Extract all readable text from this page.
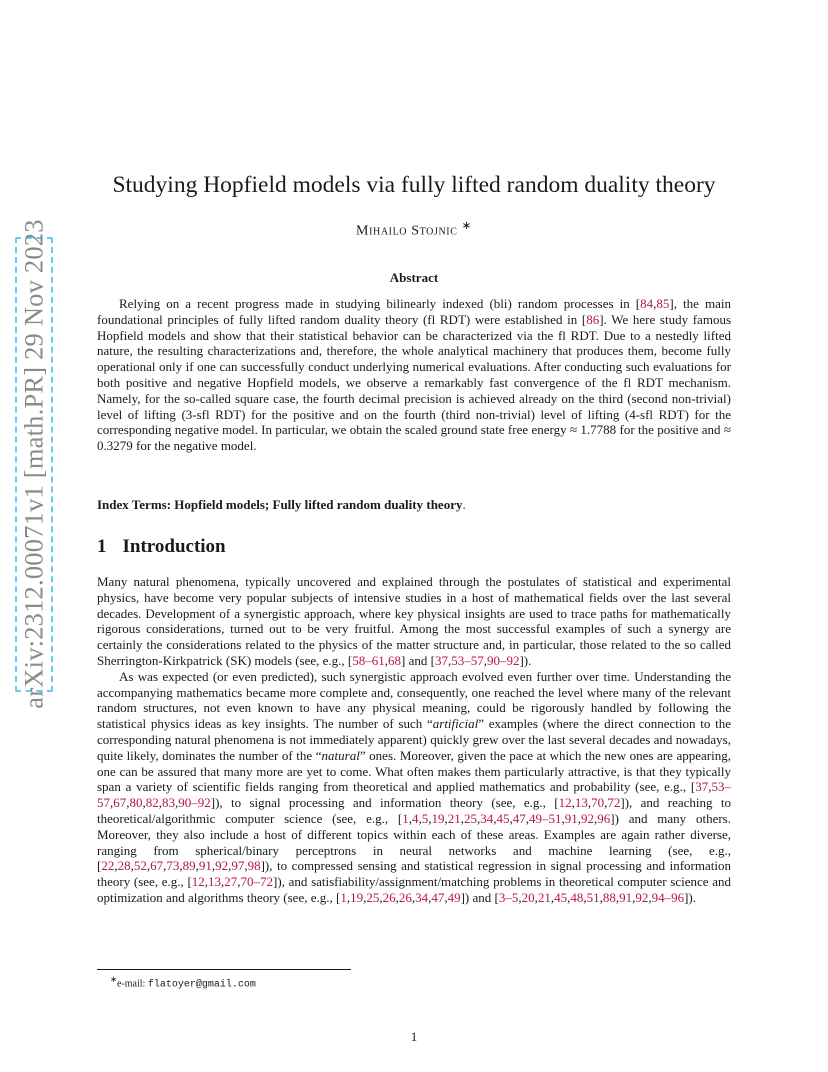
arXiv:2312.00071v1 [math.PR] 29 Nov 2023
Studying Hopfield models via fully lifted random duality theory
Mihailo Stojnic ∗
Abstract
Relying on a recent progress made in studying bilinearly indexed (bli) random processes in [84,85], the main foundational principles of fully lifted random duality theory (fl RDT) were established in [86]. We here study famous Hopfield models and show that their statistical behavior can be characterized via the fl RDT. Due to a nestedly lifted nature, the resulting characterizations and, therefore, the whole analytical machinery that produces them, become fully operational only if one can successfully conduct underlying numerical evaluations. After conducting such evaluations for both positive and negative Hopfield models, we observe a remarkably fast convergence of the fl RDT mechanism. Namely, for the so-called square case, the fourth decimal precision is achieved already on the third (second non-trivial) level of lifting (3-sfl RDT) for the positive and on the fourth (third non-trivial) level of lifting (4-sfl RDT) for the corresponding negative model. In particular, we obtain the scaled ground state free energy ≈ 1.7788 for the positive and ≈ 0.3279 for the negative model.
Index Terms: Hopfield models; Fully lifted random duality theory.
1 Introduction

Many natural phenomena, typically uncovered and explained through the postulates of statistical and experimental physics, have become very popular subjects of intensive studies in a host of mathematical fields over the last several decades. Development of a synergistic approach, where key physical insights are used to trace paths for mathematically rigorous considerations, turned out to be very fruitful. Among the most successful examples of such a synergy are certainly the considerations related to the physics of the matter structure and, in particular, those related to the so called Sherrington-Kirkpatrick (SK) models (see, e.g., [58–61,68] and [37,53–57,90–92]).

As was expected (or even predicted), such synergistic approach evolved even further over time. Understanding the accompanying mathematics became more complete and, consequently, one reached the level where many of the relevant random structures, not even known to have any physical meaning, could be rigorously handled by following the statistical physics ideas as key insights. The number of such “artificial” examples (where the direct connection to the corresponding natural phenomena is not immediately apparent) quickly grew over the last several decades and nowadays, quite likely, dominates the number of the “natural” ones. Moreover, given the pace at which the new ones are appearing, one can be assured that many more are yet to come. What often makes them particularly attractive, is that they typically span a variety of scientific fields ranging from theoretical and applied mathematics and probability (see, e.g., [37,53–57,67,80,82,83,90–92]), to signal processing and information theory (see, e.g., [12,13,70,72]), and reaching to theoretical/algorithmic computer science (see, e.g., [1,4,5,19,21,25,34,45,47,49–51,91,92,96]) and many others. Moreover, they also include a host of different topics within each of these areas. Examples are again rather diverse, ranging from spherical/binary perceptrons in neural networks and machine learning (see, e.g., [22,28,52,67,73,89,91,92,97,98]), to compressed sensing and statistical regression in signal processing and information theory (see, e.g., [12,13,27,70–72]), and satisfiability/assignment/matching problems in theoretical computer science and optimization and algorithms theory (see, e.g., [1,19,25,26,26,34,47,49]) and [3–5,20,21,45,48,51,88,91,92,94–96]).

∗e-mail: flatoyer@gmail.com
1
